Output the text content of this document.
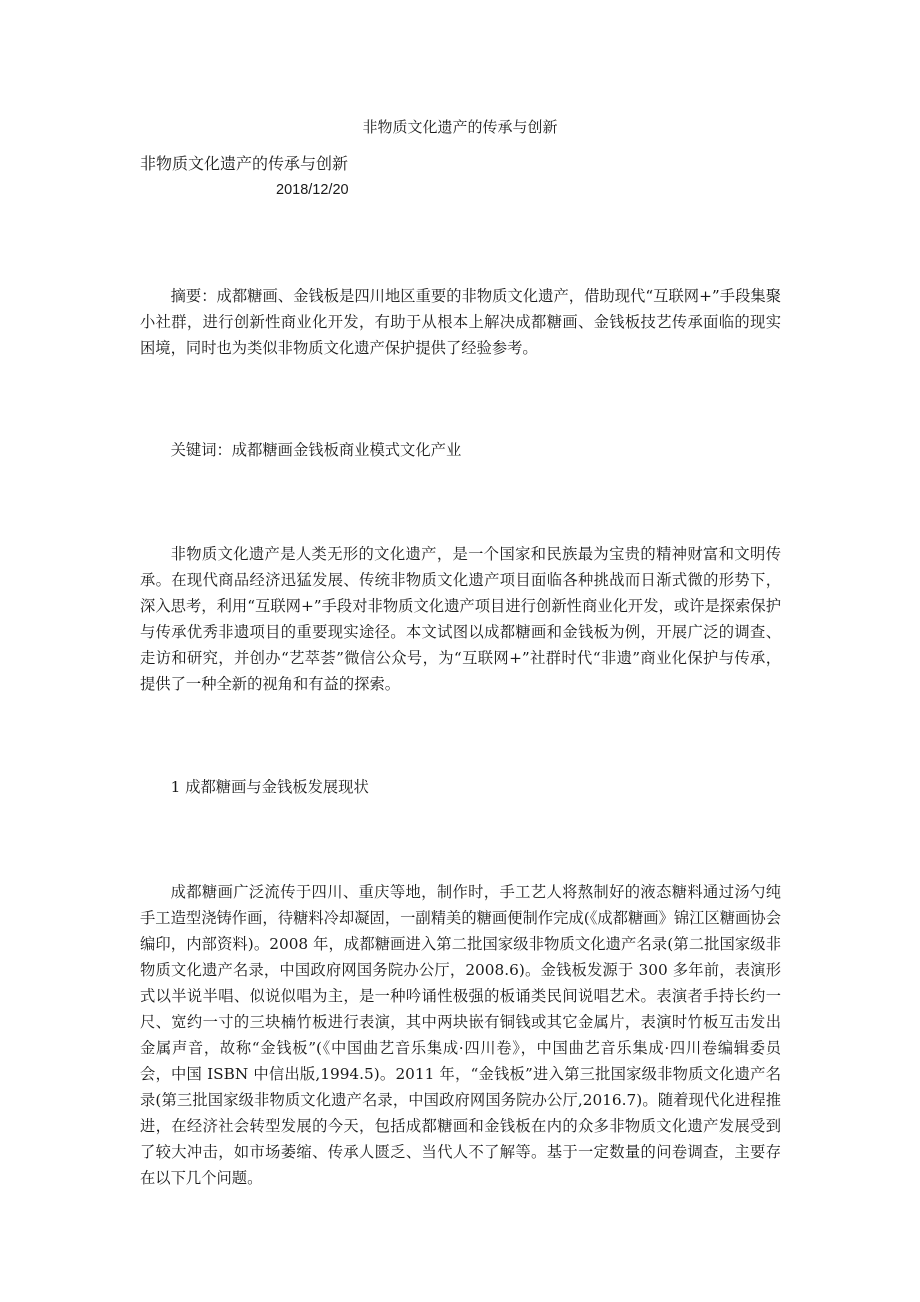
非物质文化遗产的传承与创新
非物质文化遗产的传承与创新
2018/12/20

摘要：成都糖画、金钱板是四川地区重要的非物质文化遗产，借助现代“互联网+”手段集聚小社群，进行创新性商业化开发，有助于从根本上解决成都糖画、金钱板技艺传承面临的现实困境，同时也为类似非物质文化遗产保护提供了经验参考。

关键词：成都糖画金钱板商业模式文化产业

非物质文化遗产是人类无形的文化遗产，是一个国家和民族最为宝贵的精神财富和文明传承。在现代商品经济迅猛发展、传统非物质文化遗产项目面临各种挑战而日渐式微的形势下，深入思考，利用“互联网+”手段对非物质文化遗产项目进行创新性商业化开发，或许是探索保护与传承优秀非遗项目的重要现实途径。本文试图以成都糖画和金钱板为例，开展广泛的调查、走访和研究，并创办“艺萃荟”微信公众号，为“互联网+”社群时代“非遗”商业化保护与传承，提供了一种全新的视角和有益的探索。

1 成都糖画与金钱板发展现状

成都糖画广泛流传于四川、重庆等地，制作时，手工艺人将熬制好的液态糖料通过汤勺纯手工造型浇铸作画，待糖料冷却凝固，一副精美的糖画便制作完成(《成都糖画》锦江区糖画协会编印，内部资料)。2008 年，成都糖画进入第二批国家级非物质文化遗产名录(第二批国家级非物质文化遗产名录，中国政府网国务院办公厅，2008.6)。金钱板发源于 300 多年前，表演形式以半说半唱、似说似唱为主，是一种吟诵性极强的板诵类民间说唱艺术。表演者手持长约一尺、宽约一寸的三块楠竹板进行表演，其中两块嵌有铜钱或其它金属片，表演时竹板互击发出金属声音，故称“金钱板”(《中国曲艺音乐集成·四川卷》，中国曲艺音乐集成·四川卷编辑委员会，中国 ISBN 中信出版,1994.5)。2011 年，“金钱板”进入第三批国家级非物质文化遗产名录(第三批国家级非物质文化遗产名录，中国政府网国务院办公厅,2016.7)。随着现代化进程推进，在经济社会转型发展的今天，包括成都糖画和金钱板在内的众多非物质文化遗产发展受到了较大冲击，如市场萎缩、传承人匮乏、当代人不了解等。基于一定数量的问卷调查，主要存在以下几个问题。
